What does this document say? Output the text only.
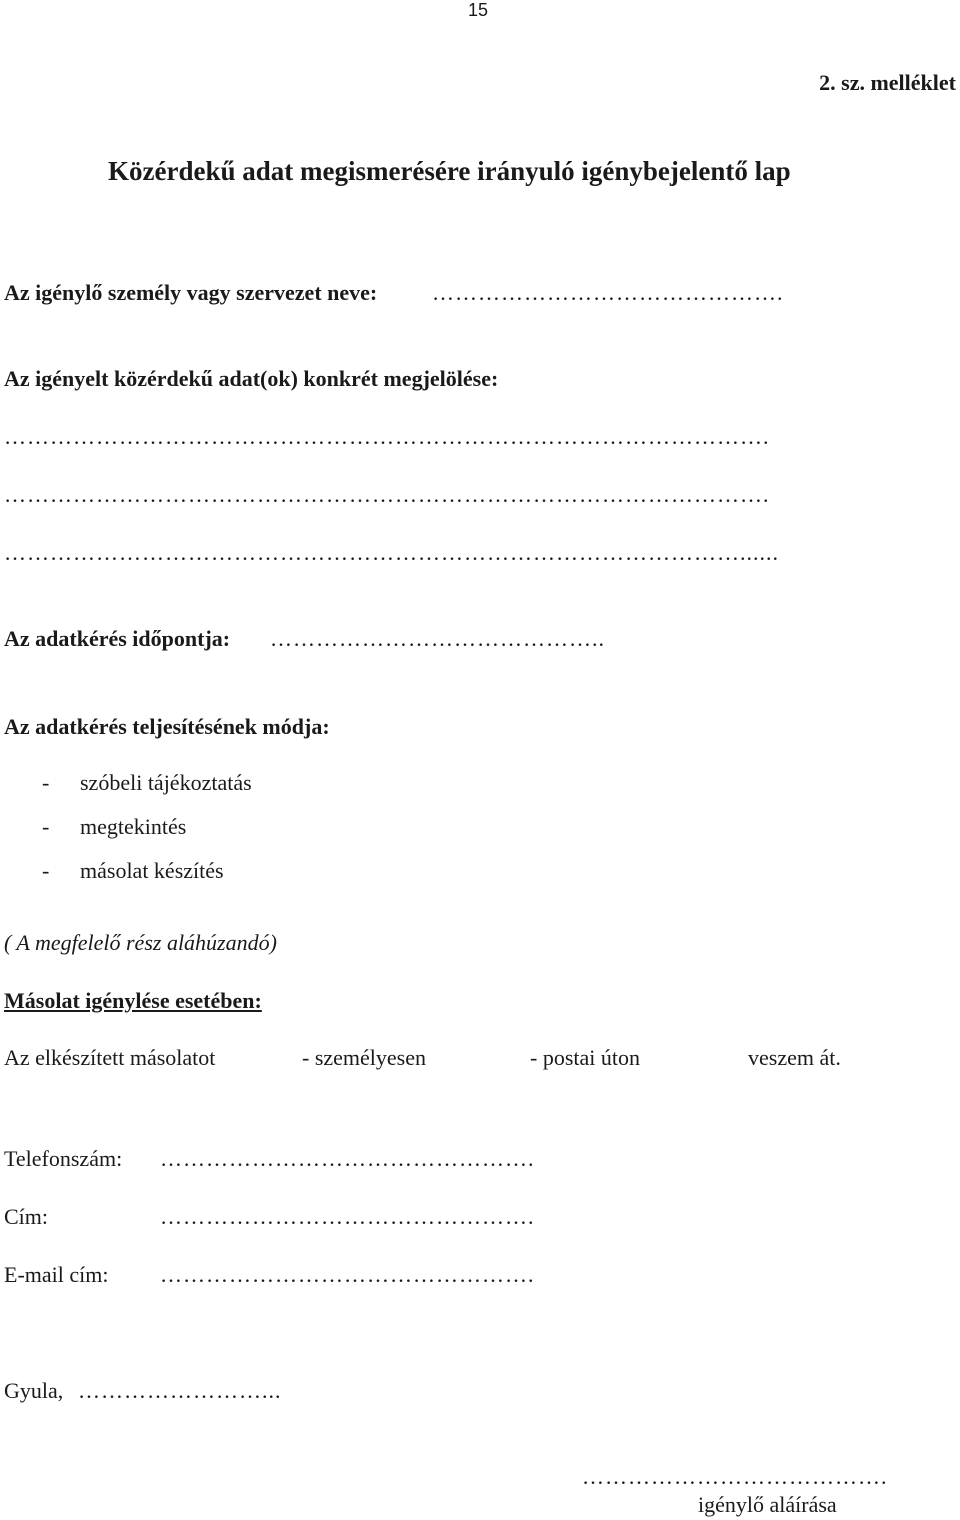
15
2. sz. melléklet
Közérdekű adat megismerésére irányuló igénybejelentő lap
Az igénylő személy vagy szervezet neve: ……………………………………….
Az igényelt közérdekű adat(ok) konkrét megjelölése:
……………………………………………………………………………………….
……………………………………………………………………………………….
……………………………………………………………………………………......
Az adatkérés időpontja: ……………………………………..
Az adatkérés teljesítésének módja:
- szóbeli tájékoztatás
- megtekintés
- másolat készítés
( A megfelelő rész aláhúzandó)
Másolat igénylése esetében:
Az elkészített másolatot	- személyesen	- postai úton	veszem át.
Telefonszám: ………………………………………….
Cím:	………………………………………….
E-mail cím: ………………………………………….
Gyula, ……………………...
………………………………….
igénylő aláírása
